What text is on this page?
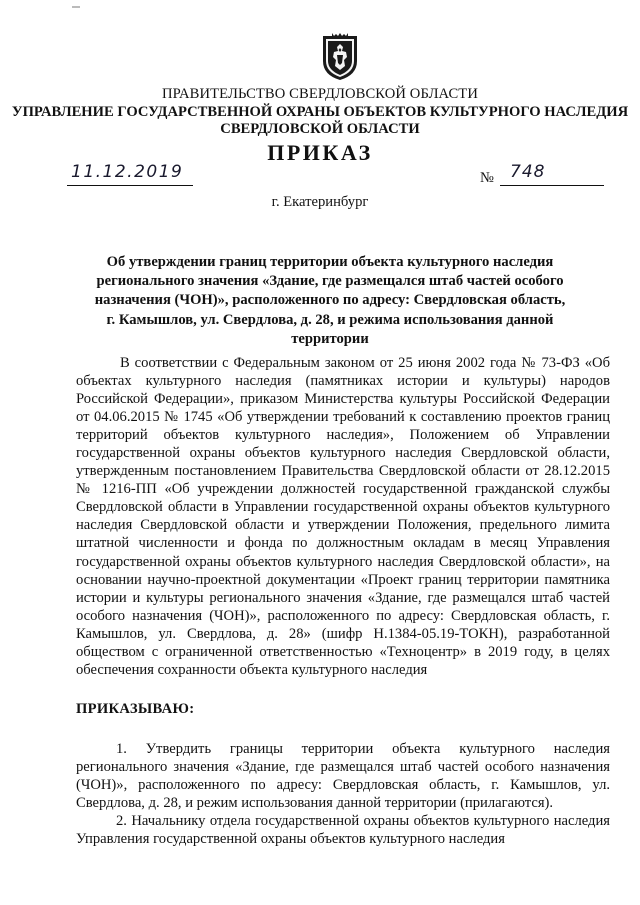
ПРАВИТЕЛЬСТВО СВЕРДЛОВСКОЙ ОБЛАСТИ
УПРАВЛЕНИЕ ГОСУДАРСТВЕННОЙ ОХРАНЫ ОБЪЕКТОВ КУЛЬТУРНОГО НАСЛЕДИЯ
СВЕРДЛОВСКОЙ ОБЛАСТИ
ПРИКАЗ
11.12.2019	№ 748
г. Екатеринбург
Об утверждении границ территории объекта культурного наследия регионального значения «Здание, где размещался штаб частей особого назначения (ЧОН)», расположенного по адресу: Свердловская область, г. Камышлов, ул. Свердлова, д. 28, и режима использования данной территории
В соответствии с Федеральным законом от 25 июня 2002 года № 73-ФЗ «Об объектах культурного наследия (памятниках истории и культуры) народов Российской Федерации», приказом Министерства культуры Российской Федерации от 04.06.2015 № 1745 «Об утверждении требований к составлению проектов границ территорий объектов культурного наследия», Положением об Управлении государственной охраны объектов культурного наследия Свердловской области, утвержденным постановлением Правительства Свердловской области от 28.12.2015 № 1216-ПП «Об учреждении должностей государственной гражданской службы Свердловской области в Управлении государственной охраны объектов культурного наследия Свердловской области и утверждении Положения, предельного лимита штатной численности и фонда по должностным окладам в месяц Управления государственной охраны объектов культурного наследия Свердловской области», на основании научно-проектной документации «Проект границ территории памятника истории и культуры регионального значения «Здание, где размещался штаб частей особого назначения (ЧОН)», расположенного по адресу: Свердловская область, г. Камышлов, ул. Свердлова, д. 28» (шифр Н.1384-05.19-ТОКН), разработанной обществом с ограниченной ответственностью «Техноцентр» в 2019 году, в целях обеспечения сохранности объекта культурного наследия
ПРИКАЗЫВАЮ:
1. Утвердить границы территории объекта культурного наследия регионального значения «Здание, где размещался штаб частей особого назначения (ЧОН)», расположенного по адресу: Свердловская область, г. Камышлов, ул. Свердлова, д. 28, и режим использования данной территории (прилагаются).
2. Начальнику отдела государственной охраны объектов культурного наследия Управления государственной охраны объектов культурного наследия
